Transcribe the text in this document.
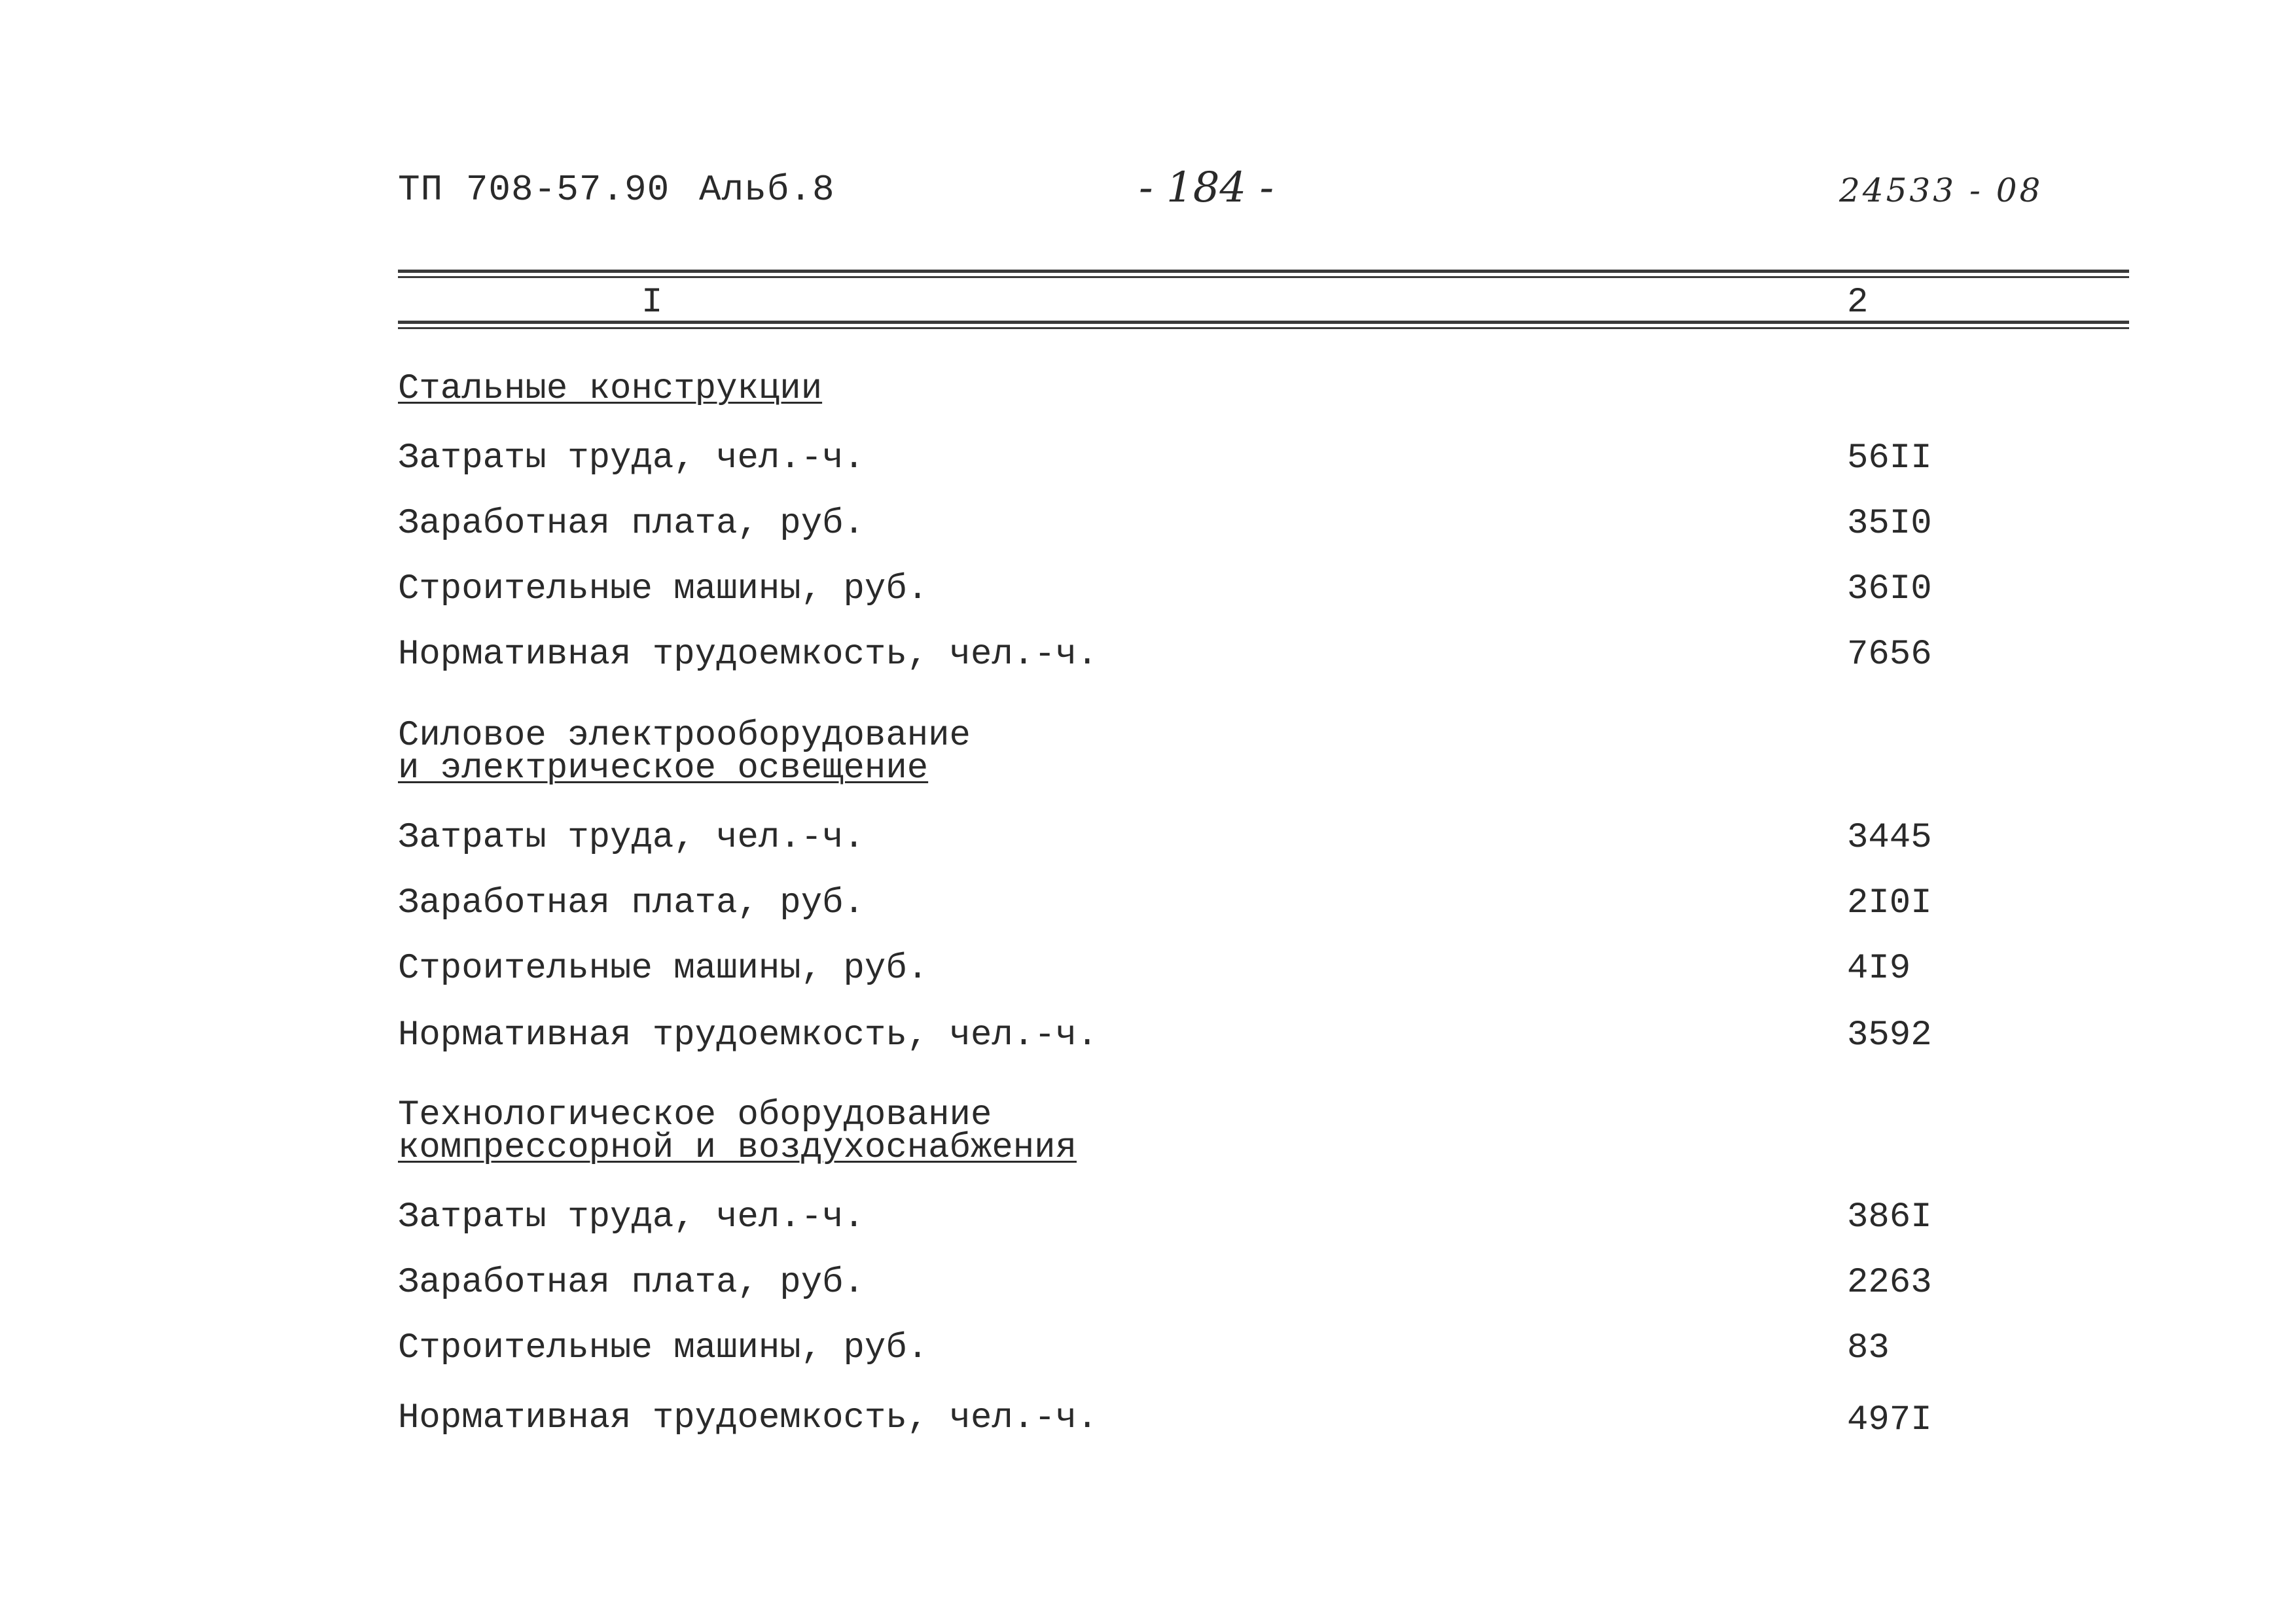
ТП 708-57.90 Альб.8	- 184 -	24533 - 08
I	2
Стальные конструкции
Затраты труда, чел.-ч.	56II
Заработная плата, руб.	35I0
Строительные машины, руб.	36I0
Нормативная трудоемкость, чел.-ч.	7656
Силовое электрооборудование
и электрическое освещение
Затраты труда, чел.-ч.	3445
Заработная плата, руб.	2I0I
Строительные машины, руб.	4I9
Нормативная трудоемкость, чел.-ч.	3592
Технологическое оборудование
компрессорной и воздухоснабжения
Затраты труда, чел.-ч.	386I
Заработная плата, руб.	2263
Строительные машины, руб.	83
Нормативная трудоемкость, чел.-ч.	497I
